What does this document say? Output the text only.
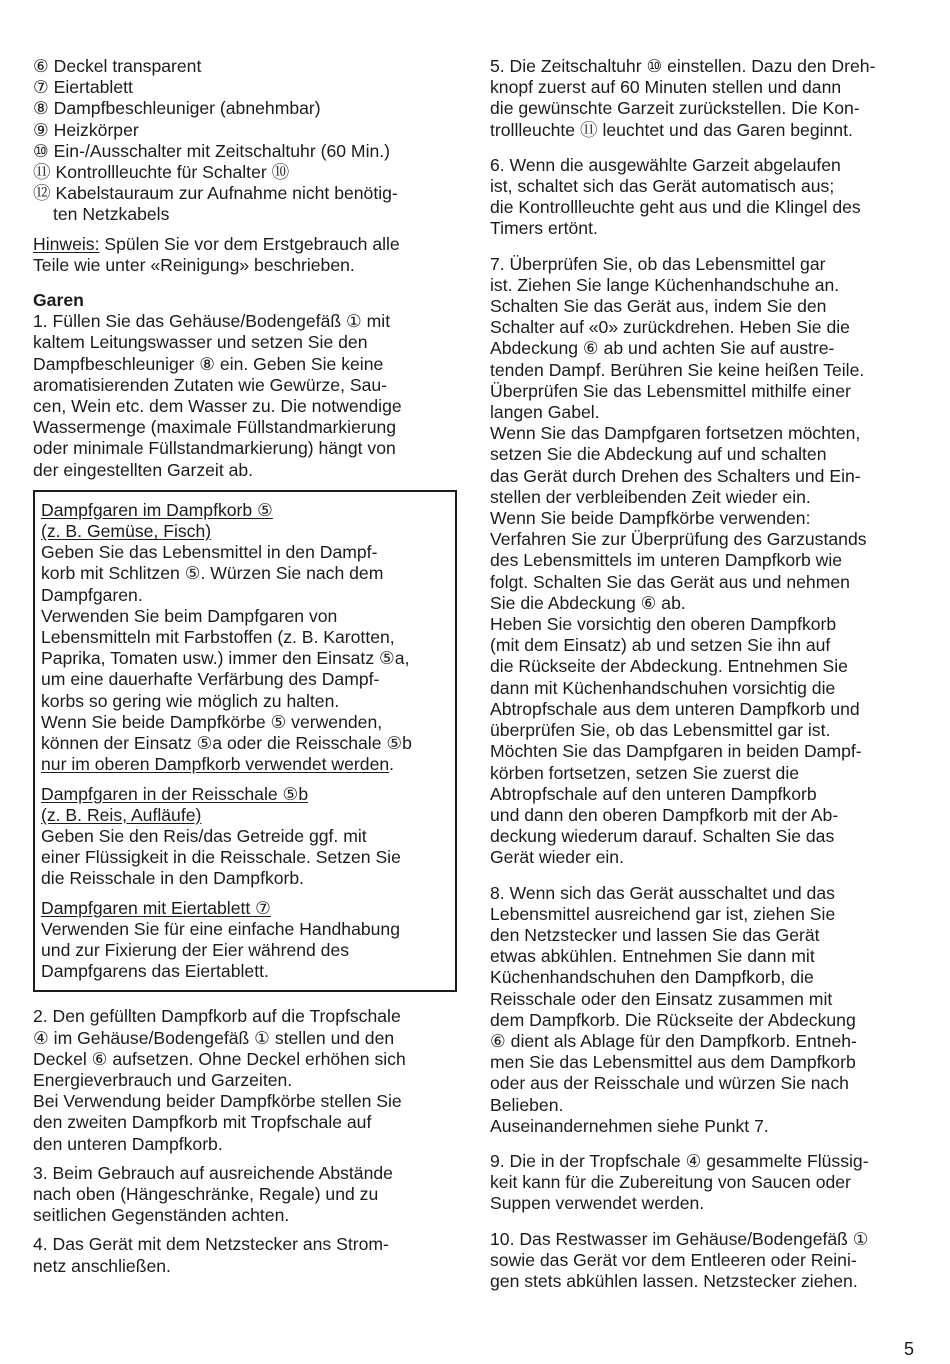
⑥ Deckel transparent
⑦ Eiertablett
⑧ Dampfbeschleuniger (abnehmbar)
⑨ Heizkörper
⑩ Ein-/Ausschalter mit Zeitschaltuhr (60 Min.)
⑪ Kontrollleuchte für Schalter ⑩
⑫ Kabelstauraum zur Aufnahme nicht benötig-
ten Netzkabels
Hinweis: Spülen Sie vor dem Erstgebrauch alle
Teile wie unter «Reinigung» beschrieben.
Garen
1. Füllen Sie das Gehäuse/Bodengefäß ① mit
kaltem Leitungswasser und setzen Sie den
Dampfbeschleuniger ⑧ ein. Geben Sie keine
aromatisierenden Zutaten wie Gewürze, Sau-
cen, Wein etc. dem Wasser zu. Die notwendige
Wassermenge (maximale Füllstandmarkierung
oder minimale Füllstandmarkierung) hängt von
der eingestellten Garzeit ab.
Dampfgaren im Dampfkorb ⑤
(z. B. Gemüse, Fisch)
Geben Sie das Lebensmittel in den Dampf-
korb mit Schlitzen ⑤. Würzen Sie nach dem
Dampfgaren.
Verwenden Sie beim Dampfgaren von
Lebensmitteln mit Farbstoffen (z. B. Karotten,
Paprika, Tomaten usw.) immer den Einsatz ⑤a,
um eine dauerhafte Verfärbung des Dampf-
korbs so gering wie möglich zu halten.
Wenn Sie beide Dampfkörbe ⑤ verwenden,
können der Einsatz ⑤a oder die Reisschale ⑤b
nur im oberen Dampfkorb verwendet werden.
Dampfgaren in der Reisschale ⑤b
(z. B. Reis, Aufläufe)
Geben Sie den Reis/das Getreide ggf. mit
einer Flüssigkeit in die Reisschale. Setzen Sie
die Reisschale in den Dampfkorb.
Dampfgaren mit Eiertablett ⑦
Verwenden Sie für eine einfache Handhabung
und zur Fixierung der Eier während des
Dampfgarens das Eiertablett.
2. Den gefüllten Dampfkorb auf die Tropfschale
④ im Gehäuse/Bodengefäß ① stellen und den
Deckel ⑥ aufsetzen. Ohne Deckel erhöhen sich
Energieverbrauch und Garzeiten.
Bei Verwendung beider Dampfkörbe stellen Sie
den zweiten Dampfkorb mit Tropfschale auf
den unteren Dampfkorb.
3. Beim Gebrauch auf ausreichende Abstände
nach oben (Hängeschränke, Regale) und zu
seitlichen Gegenständen achten.
4. Das Gerät mit dem Netzstecker ans Strom-
netz anschließen.
5. Die Zeitschaltuhr ⑩ einstellen. Dazu den Dreh-
knopf zuerst auf 60 Minuten stellen und dann
die gewünschte Garzeit zurückstellen. Die Kon-
trollleuchte ⑪ leuchtet und das Garen beginnt.
6. Wenn die ausgewählte Garzeit abgelaufen
ist, schaltet sich das Gerät automatisch aus;
die Kontrollleuchte geht aus und die Klingel des
Timers ertönt.
7. Überprüfen Sie, ob das Lebensmittel gar
ist. Ziehen Sie lange Küchenhandschuhe an.
Schalten Sie das Gerät aus, indem Sie den
Schalter auf «0» zurückdrehen. Heben Sie die
Abdeckung ⑥ ab und achten Sie auf austre-
tenden Dampf. Berühren Sie keine heißen Teile.
Überprüfen Sie das Lebensmittel mithilfe einer
langen Gabel.
Wenn Sie das Dampfgaren fortsetzen möchten,
setzen Sie die Abdeckung auf und schalten
das Gerät durch Drehen des Schalters und Ein-
stellen der verbleibenden Zeit wieder ein.
Wenn Sie beide Dampfkörbe verwenden:
Verfahren Sie zur Überprüfung des Garzustands
des Lebensmittels im unteren Dampfkorb wie
folgt. Schalten Sie das Gerät aus und nehmen
Sie die Abdeckung ⑥ ab.
Heben Sie vorsichtig den oberen Dampfkorb
(mit dem Einsatz) ab und setzen Sie ihn auf
die Rückseite der Abdeckung. Entnehmen Sie
dann mit Küchenhandschuhen vorsichtig die
Abtropfschale aus dem unteren Dampfkorb und
überprüfen Sie, ob das Lebensmittel gar ist.
Möchten Sie das Dampfgaren in beiden Dampf-
körben fortsetzen, setzen Sie zuerst die
Abtropfschale auf den unteren Dampfkorb
und dann den oberen Dampfkorb mit der Ab-
deckung wiederum darauf. Schalten Sie das
Gerät wieder ein.
8. Wenn sich das Gerät ausschaltet und das
Lebensmittel ausreichend gar ist, ziehen Sie
den Netzstecker und lassen Sie das Gerät
etwas abkühlen. Entnehmen Sie dann mit
Küchenhandschuhen den Dampfkorb, die
Reisschale oder den Einsatz zusammen mit
dem Dampfkorb. Die Rückseite der Abdeckung
⑥ dient als Ablage für den Dampfkorb. Entneh-
men Sie das Lebensmittel aus dem Dampfkorb
oder aus der Reisschale und würzen Sie nach
Belieben.
Auseinandernehmen siehe Punkt 7.
9. Die in der Tropfschale ④ gesammelte Flüssig-
keit kann für die Zubereitung von Saucen oder
Suppen verwendet werden.
10. Das Restwasser im Gehäuse/Bodengefäß ①
sowie das Gerät vor dem Entleeren oder Reini-
gen stets abkühlen lassen. Netzstecker ziehen.
5
